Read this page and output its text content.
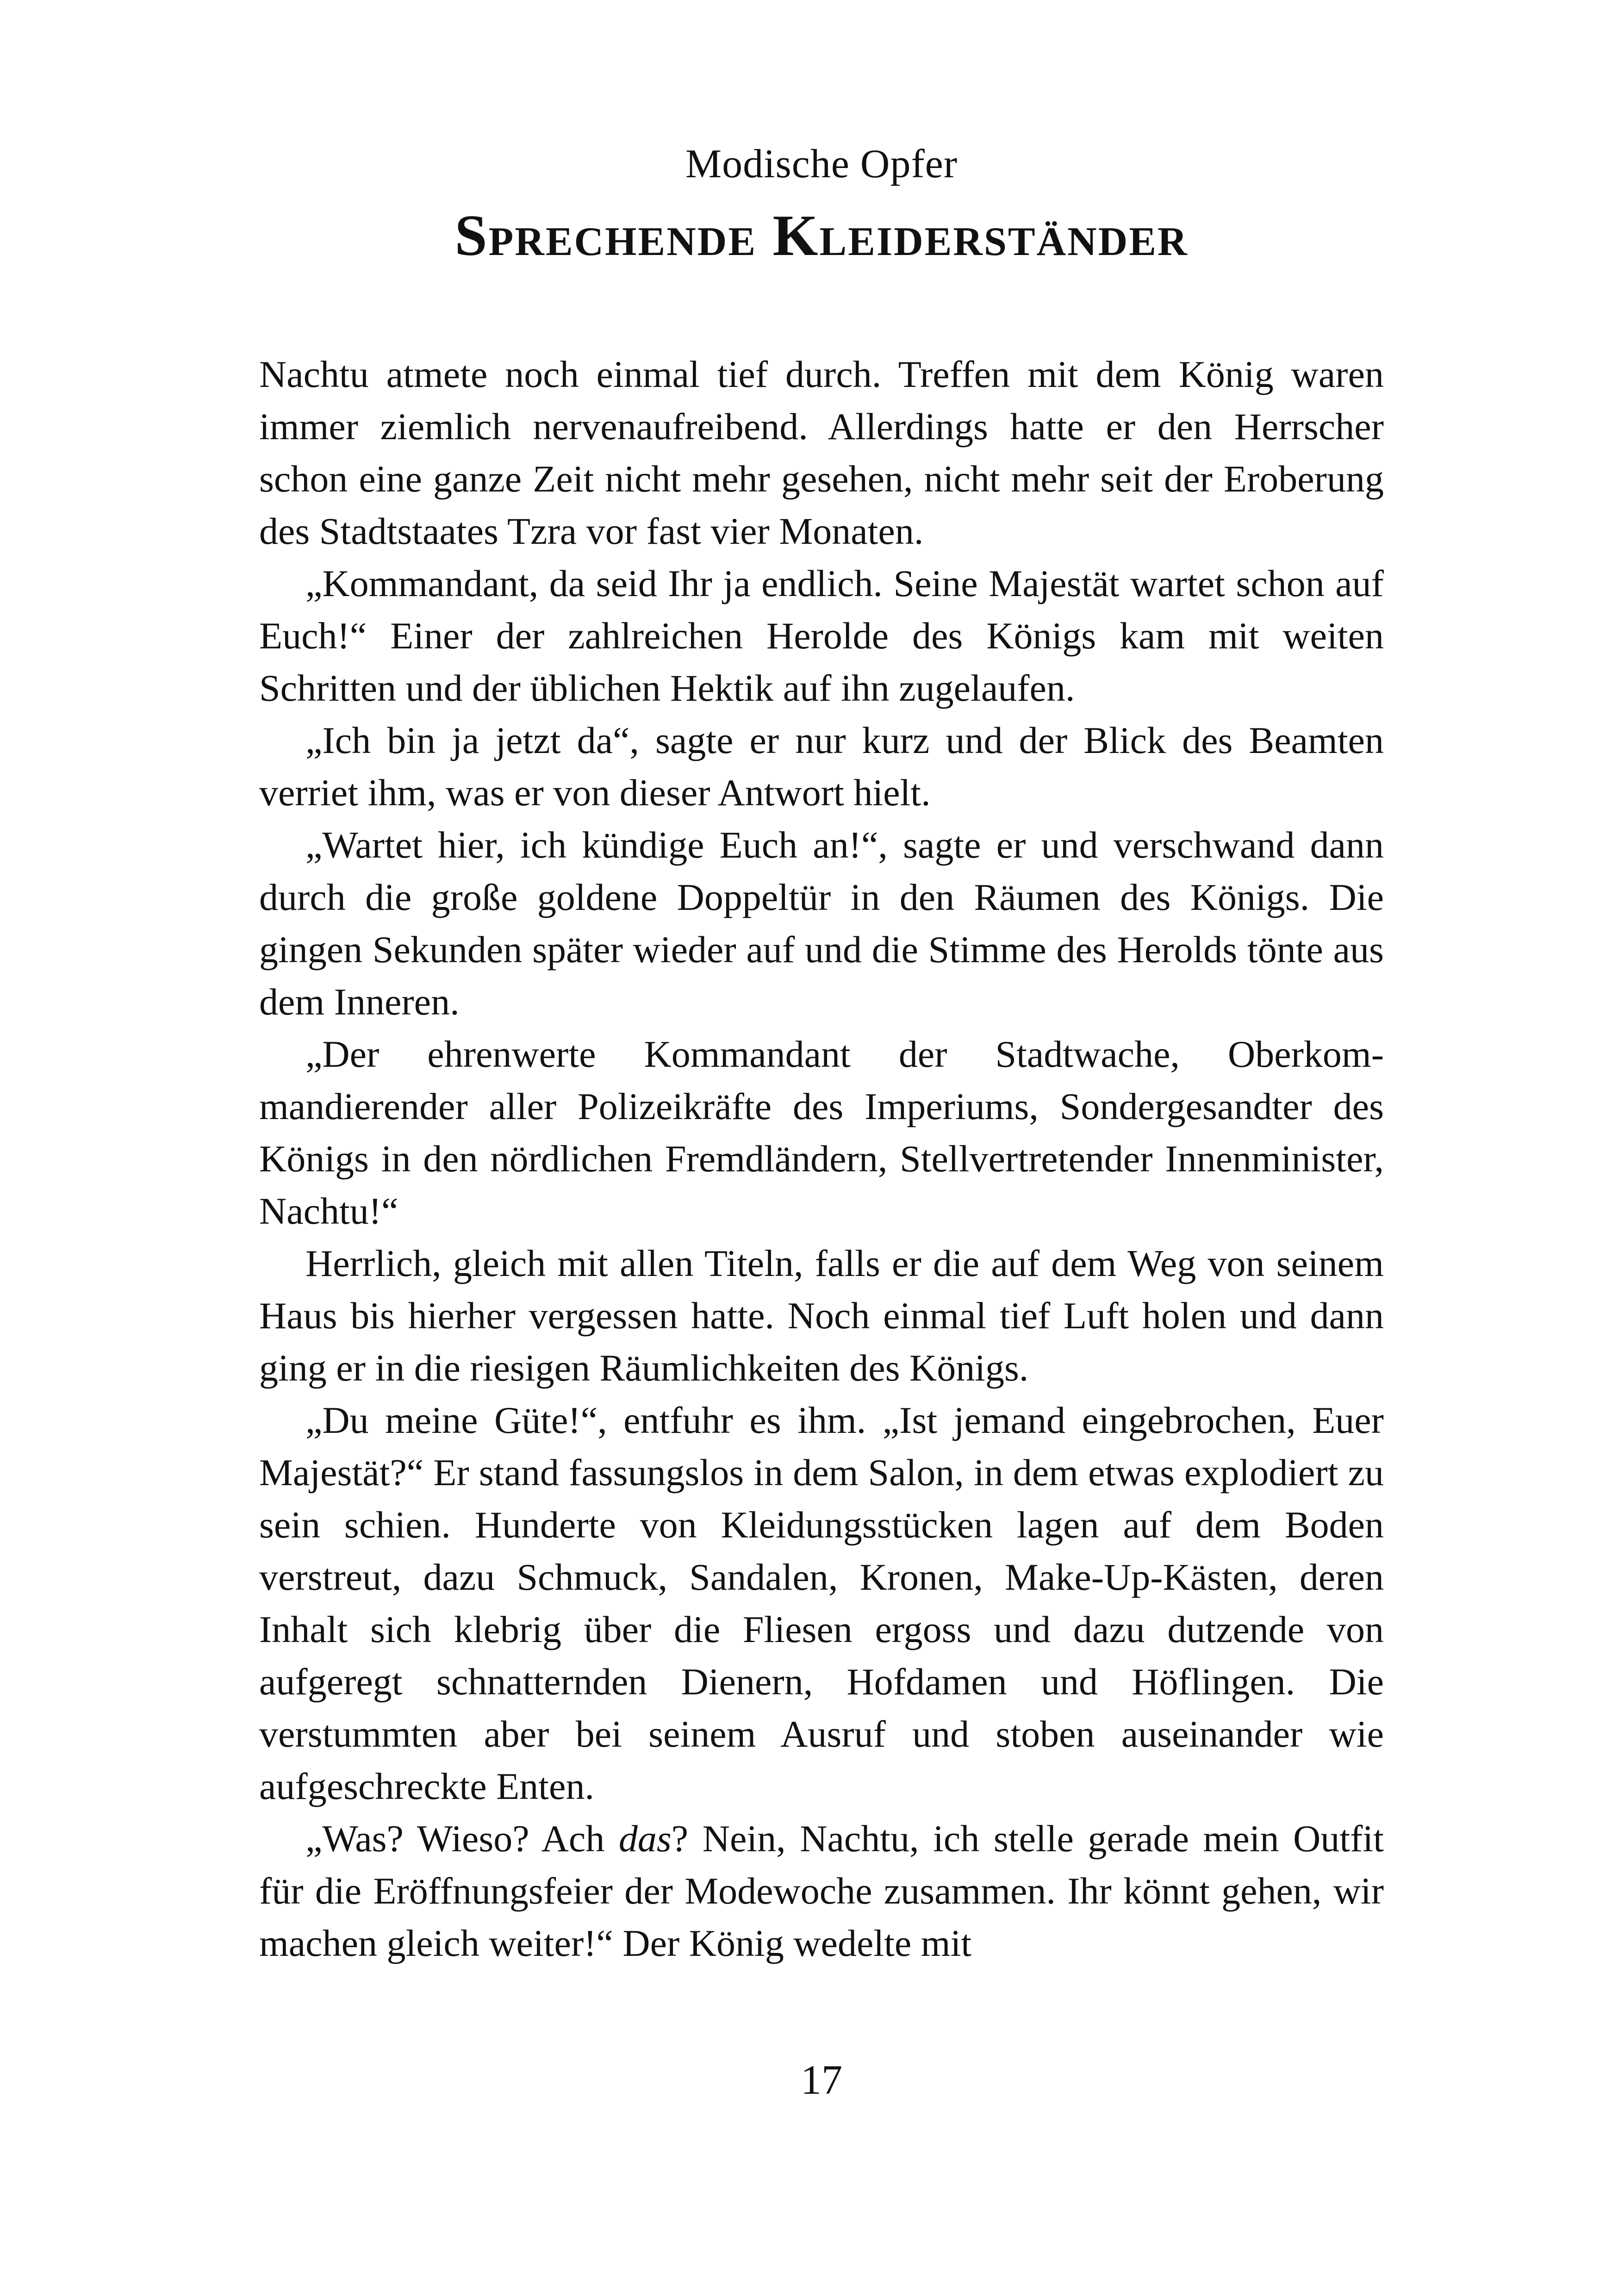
Modische Opfer
Sprechende Kleiderständer

Nachtu atmete noch einmal tief durch. Treffen mit dem König waren immer ziemlich nervenaufreibend. Allerdings hatte er den Herrscher schon eine ganze Zeit nicht mehr gesehen, nicht mehr seit der Eroberung des Stadtstaates Tzra vor fast vier Monaten.

„Kommandant, da seid Ihr ja endlich. Seine Majestät wartet schon auf Euch!“ Einer der zahlreichen Herolde des Königs kam mit weiten Schritten und der üblichen Hektik auf ihn zugelaufen.

„Ich bin ja jetzt da“, sagte er nur kurz und der Blick des Beamten verriet ihm, was er von dieser Antwort hielt.

„Wartet hier, ich kündige Euch an!“, sagte er und verschwand dann durch die große goldene Doppeltür in den Räumen des Königs. Die gingen Sekunden später wieder auf und die Stimme des Herolds tönte aus dem Inneren.

„Der ehrenwerte Kommandant der Stadtwache, Oberkommandierender aller Polizeikräfte des Imperiums, Sondergesandter des Königs in den nördlichen Fremdländern, Stellvertretender Innenminister, Nachtu!“

Herrlich, gleich mit allen Titeln, falls er die auf dem Weg von seinem Haus bis hierher vergessen hatte. Noch einmal tief Luft holen und dann ging er in die riesigen Räumlichkeiten des Königs.

„Du meine Güte!“, entfuhr es ihm. „Ist jemand eingebrochen, Euer Majestät?“ Er stand fassungslos in dem Salon, in dem etwas explodiert zu sein schien. Hunderte von Kleidungsstücken lagen auf dem Boden verstreut, dazu Schmuck, Sandalen, Kronen, Make-Up-Kästen, deren Inhalt sich klebrig über die Fliesen ergoss und dazu dutzende von aufgeregt schnatternden Dienern, Hofdamen und Höflingen. Die verstummten aber bei seinem Ausruf und stoben auseinander wie aufgeschreckte Enten.

„Was? Wieso? Ach das? Nein, Nachtu, ich stelle gerade mein Outfit für die Eröffnungsfeier der Modewoche zusammen. Ihr könnt gehen, wir machen gleich weiter!“ Der König wedelte mit

17
